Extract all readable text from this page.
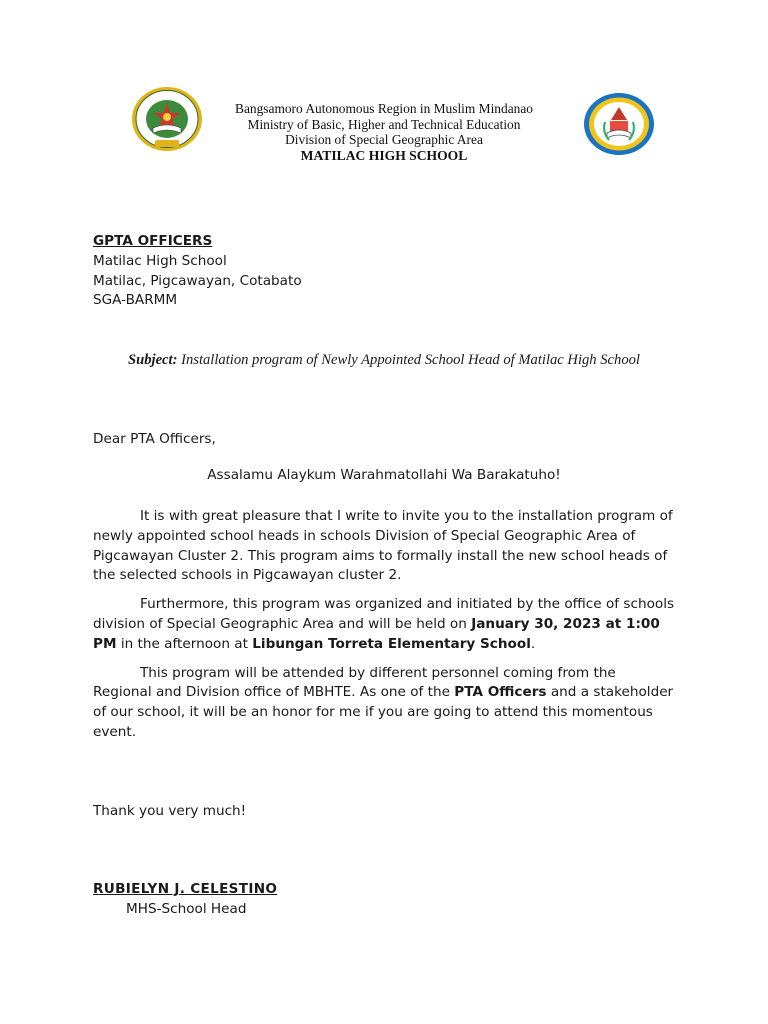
Bangsamoro Autonomous Region in Muslim Mindanao
Ministry of Basic, Higher and Technical Education
Division of Special Geographic Area
MATILAC HIGH SCHOOL
GPTA OFFICERS
Matilac High School
Matilac, Pigcawayan, Cotabato
SGA-BARMM
Subject: Installation program of Newly Appointed School Head of Matilac High School
Dear PTA Officers,
Assalamu Alaykum Warahmatollahi Wa Barakatuho!

It is with great pleasure that I write to invite you to the installation program of newly appointed school heads in schools Division of Special Geographic Area of Pigcawayan Cluster 2. This program aims to formally install the new school heads of the selected schools in Pigcawayan cluster 2.

Furthermore, this program was organized and initiated by the office of schools division of Special Geographic Area and will be held on January 30, 2023 at 1:00 PM in the afternoon at Libungan Torreta Elementary School.

This program will be attended by different personnel coming from the Regional and Division office of MBHTE. As one of the PTA Officers and a stakeholder of our school, it will be an honor for me if you are going to attend this momentous event.

Thank you very much!
RUBIELYN J. CELESTINO
MHS-School Head
